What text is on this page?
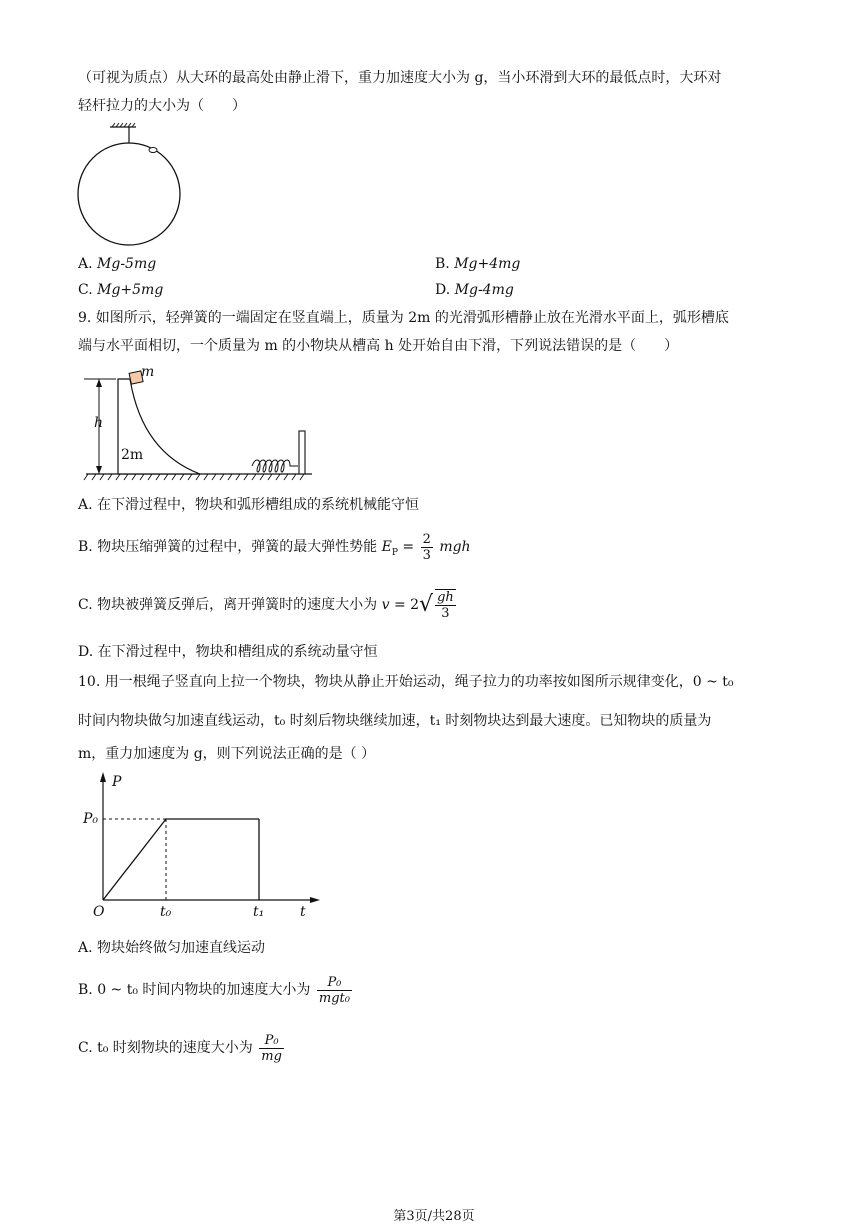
（可视为质点）从大环的最高处由静止滑下，重力加速度大小为 g，当小环滑到大环的最低点时，大环对
轻杆拉力的大小为（　　）
A. Mg-5mg	B. Mg+4mg
C. Mg+5mg	D. Mg-4mg
9. 如图所示，轻弹簧的一端固定在竖直端上，质量为 2m 的光滑弧形槽静止放在光滑水平面上，弧形槽底
端与水平面相切，一个质量为 m 的小物块从槽高 h 处开始自由下滑，下列说法错误的是（　　）
m
h
2m
A. 在下滑过程中，物块和弧形槽组成的系统机械能守恒
B. 物块压缩弹簧的过程中，弹簧的最大弹性势能 $E_P = \frac{2}{3}$ mgh
C. 物块被弹簧反弹后，离开弹簧时的速度大小为 $v = 2√ \frac{gh}{3}$
D. 在下滑过程中，物块和槽组成的系统动量守恒
10. 用一根绳子竖直向上拉一个物块，物块从静止开始运动，绳子拉力的功率按如图所示规律变化，0 ~ t₀
时间内物块做匀加速直线运动，t₀ 时刻后物块继续加速，t₁ 时刻物块达到最大速度。已知物块的质量为
m，重力加速度为 g，则下列说法正确的是（ ）
P
P₀
O	t₀	t₁	t
A. 物块始终做匀加速直线运动
B. 0 ~ t₀ 时间内物块的加速度大小为 $\frac{\text{P₀}}{\text{mgt₀}}$
C. t₀ 时刻物块的速度大小为 $\frac{\text{P₀}}{mg}$
第3页/共28页
